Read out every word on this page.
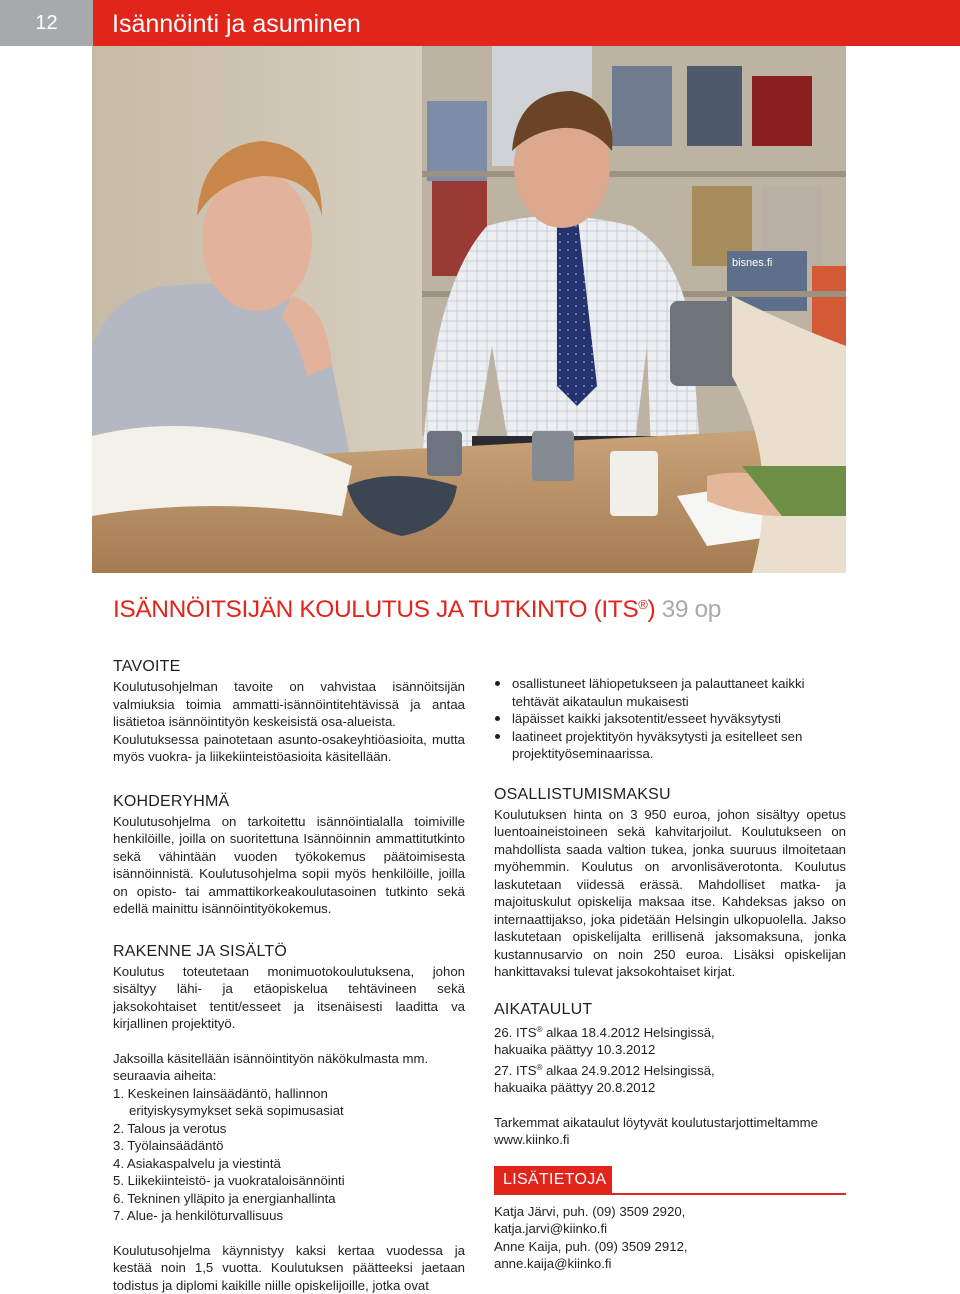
12	Isännöinti ja asuminen
bisnes.fi
ISÄNNÖITSIJÄN KOULUTUS JA TUTKINTO (ITS®) 39 op
TAVOITE

Koulutusohjelman tavoite on vahvistaa isännöitsijän valmiuksia toimia ammatti-isännöintitehtävissä ja antaa lisätietoa isännöintityön keskeisistä osa-alueista.

Koulutuksessa painotetaan asunto-osakeyhtiöasioita, mutta myös vuokra- ja liikekiinteistöasioita käsitellään.

KOHDERYHMÄ

Koulutusohjelma on tarkoitettu isännöintialalla toimiville henkilöille, joilla on suoritettuna Isännöinnin ammattitutkinto sekä vähintään vuoden työkokemus päätoimisesta isännöinnistä. Koulutusohjelma sopii myös henkilöille, joilla on opisto- tai ammattikorkeakoulutasoinen tutkinto sekä edellä mainittu isännöintityökokemus.

RAKENNE JA SISÄLTÖ

Koulutus toteutetaan monimuotokoulutuksena, johon sisältyy lähi- ja etäopiskelua tehtävineen sekä jaksokohtaiset tentit/esseet ja itsenäisesti laaditta va kirjallinen projektityö.

Jaksoilla käsitellään isännöintityön näkökulmasta mm. seuraavia aiheita:

1. Keskeinen lainsäädäntö, hallinnon
erityiskysymykset sekä sopimusasiat
2. Talous ja verotus
3. Työlainsäädäntö
4. Asiakaspalvelu ja viestintä
5. Liikekiinteistö- ja vuokrataloisännöinti
6. Tekninen ylläpito ja energianhallinta
7. Alue- ja henkilöturvallisuus

Koulutusohjelma käynnistyy kaksi kertaa vuodessa ja kestää noin 1,5 vuotta. Koulutuksen päätteeksi jaetaan todistus ja diplomi kaikille niille opiskelijoille, jotka ovat

osallistuneet lähiopetukseen ja palauttaneet kaikki tehtävät aikataulun mukaisesti
läpäisset kaikki jaksotentit/esseet hyväksytysti
laatineet projektityön hyväksytysti ja esitelleet sen projektityöseminaarissa.
OSALLISTUMISMAKSU

Koulutuksen hinta on 3 950 euroa, johon sisältyy opetus luentoaineistoineen sekä kahvitarjoilut. Koulutukseen on mahdollista saada valtion tukea, jonka suuruus ilmoitetaan myöhemmin. Koulutus on arvonlisäverotonta. Koulutus laskutetaan viidessä erässä. Mahdolliset matka- ja majoituskulut opiskelija maksaa itse. Kahdeksas jakso on internaattijakso, joka pidetään Helsingin ulkopuolella. Jakso laskutetaan opiskelijalta erillisenä jaksomaksuna, jonka kustannusarvio on noin 250 euroa. Lisäksi opiskelijan hankittavaksi tulevat jaksokohtaiset kirjat.

AIKATAULUT
26. ITS® alkaa 18.4.2012 Helsingissä,
hakuaika päättyy 10.3.2012
27. ITS® alkaa 24.9.2012 Helsingissä,
hakuaika päättyy 20.8.2012

Tarkemmat aikataulut löytyvät koulutustarjottimeltamme

www.kiinko.fi

LISÄTIETOJA
Katja Järvi, puh. (09) 3509 2920,
katja.jarvi@kiinko.fi
Anne Kaija, puh. (09) 3509 2912,
anne.kaija@kiinko.fi
